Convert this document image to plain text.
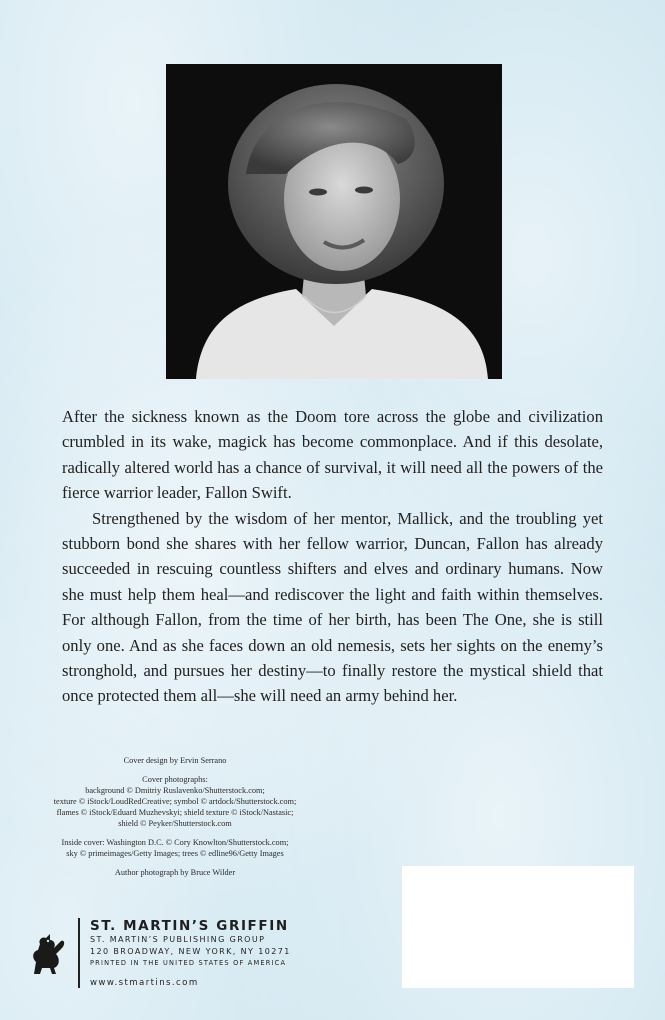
After the sickness known as the Doom tore across the globe and civilization crumbled in its wake, magick has become commonplace. And if this desolate, radically altered world has a chance of survival, it will need all the powers of the fierce warrior leader, Fallon Swift.

Strengthened by the wisdom of her mentor, Mallick, and the troubling yet stubborn bond she shares with her fellow warrior, Duncan, Fallon has already succeeded in rescuing countless shifters and elves and ordinary humans. Now she must help them heal—and rediscover the light and faith within themselves. For although Fallon, from the time of her birth, has been The One, she is still only one. And as she faces down an old nemesis, sets her sights on the enemy’s stronghold, and pursues her destiny—to finally restore the mystical shield that once protected them all—she will need an army behind her.

Cover design by Ervin Serrano
Cover photographs:
background © Dmitriy Ruslavenko/Shutterstock.com;
texture © iStock/LoudRedCreative; symbol © artdock/Shutterstock.com;
flames © iStock/Eduard Muzhevskyi; shield texture © iStock/Nastasic;
shield © Peyker/Shutterstock.com
Inside cover: Washington D.C. © Cory Knowlton/Shutterstock.com;
sky © primeimages/Getty Images; trees © edline96/Getty Images
Author photograph by Bruce Wilder
ST. MARTIN’S GRIFFIN
ST. MARTIN’S PUBLISHING GROUP
120 BROADWAY, NEW YORK, NY 10271
PRINTED IN THE UNITED STATES OF AMERICA
www.stmartins.com
